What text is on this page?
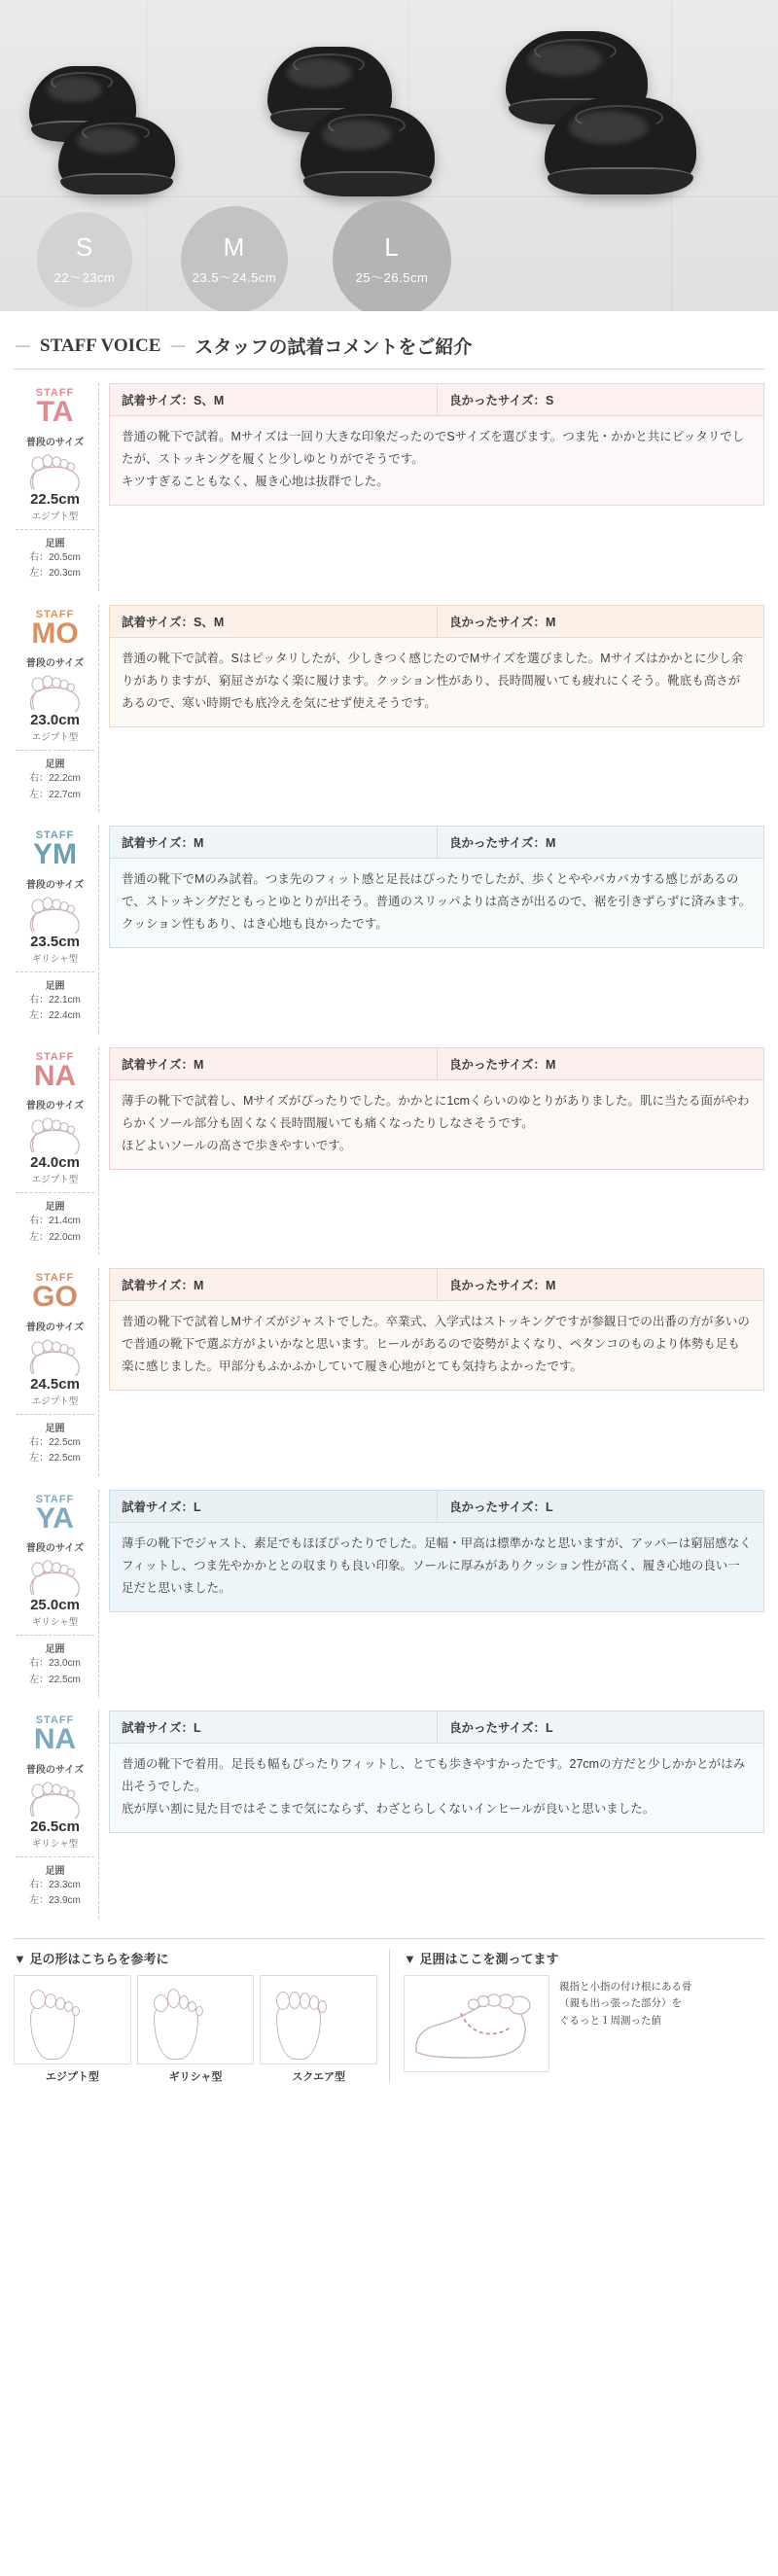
S
22〜23cm
M
23.5〜24.5cm
L
25〜26.5cm
－ STAFF VOICE － スタッフの試着コメントをご紹介
STAFF
TA
普段のサイズ
22.5cm
エジプト型
足囲
右：20.5cm
左：20.3cm
試着サイズ：S、M	良かったサイズ：S
普通の靴下で試着。Mサイズは一回り大きな印象だったのでSサイズを選びます。つま先・かかと共にピッタリでしたが、ストッキングを履くと少しゆとりがでそうです。
キツすぎることもなく、履き心地は抜群でした。
STAFF
MO
普段のサイズ
23.0cm
エジプト型
足囲
右：22.2cm
左：22.7cm
試着サイズ：S、M	良かったサイズ：M
普通の靴下で試着。Sはピッタリしたが、少しきつく感じたのでMサイズを選びました。Mサイズはかかとに少し余りがありますが、窮屈さがなく楽に履けます。クッション性があり、長時間履いても疲れにくそう。靴底も高さがあるので、寒い時期でも底冷えを気にせず使えそうです。
STAFF
YM
普段のサイズ
23.5cm
ギリシャ型
足囲
右：22.1cm
左：22.4cm
試着サイズ：M	良かったサイズ：M
普通の靴下でMのみ試着。つま先のフィット感と足長はぴったりでしたが、歩くとややパカパカする感じがあるので、ストッキングだともっとゆとりが出そう。普通のスリッパよりは高さが出るので、裾を引きずらずに済みます。クッション性もあり、はき心地も良かったです。
STAFF
NA
普段のサイズ
24.0cm
エジプト型
足囲
右：21.4cm
左：22.0cm
試着サイズ：M	良かったサイズ：M
薄手の靴下で試着し、Mサイズがぴったりでした。かかとに1cmくらいのゆとりがありました。肌に当たる面がやわらかくソール部分も固くなく長時間履いても痛くなったりしなさそうです。
ほどよいソールの高さで歩きやすいです。
STAFF
GO
普段のサイズ
24.5cm
エジプト型
足囲
右：22.5cm
左：22.5cm
試着サイズ：M	良かったサイズ：M
普通の靴下で試着しMサイズがジャストでした。卒業式、入学式はストッキングですが参観日での出番の方が多いので普通の靴下で選ぶ方がよいかなと思います。ヒールがあるので姿勢がよくなり、ペタンコのものより体勢も足も楽に感じました。甲部分もふかふかしていて履き心地がとても気持ちよかったです。
STAFF
YA
普段のサイズ
25.0cm
ギリシャ型
足囲
右：23.0cm
左：22.5cm
試着サイズ：L	良かったサイズ：L
薄手の靴下でジャスト、素足でもほぼぴったりでした。足幅・甲高は標準かなと思いますが、アッパーは窮屈感なくフィットし、つま先やかかととの収まりも良い印象。ソールに厚みがありクッション性が高く、履き心地の良い一足だと思いました。
STAFF
NA
普段のサイズ
26.5cm
ギリシャ型
足囲
右：23.3cm
左：23.9cm
試着サイズ：L	良かったサイズ：L
普通の靴下で着用。足長も幅もぴったりフィットし、とても歩きやすかったです。27cmの方だと少しかかとがはみ出そうでした。
底が厚い割に見た目ではそこまで気にならず、わざとらしくないインヒールが良いと思いました。
▼ 足の形はこちらを参考に
エジプト型	ギリシャ型	スクエア型
▼ 足囲はここを測ってます
親指と小指の付け根にある骨
（親も出っ張った部分）を
ぐるっと１周測った値
